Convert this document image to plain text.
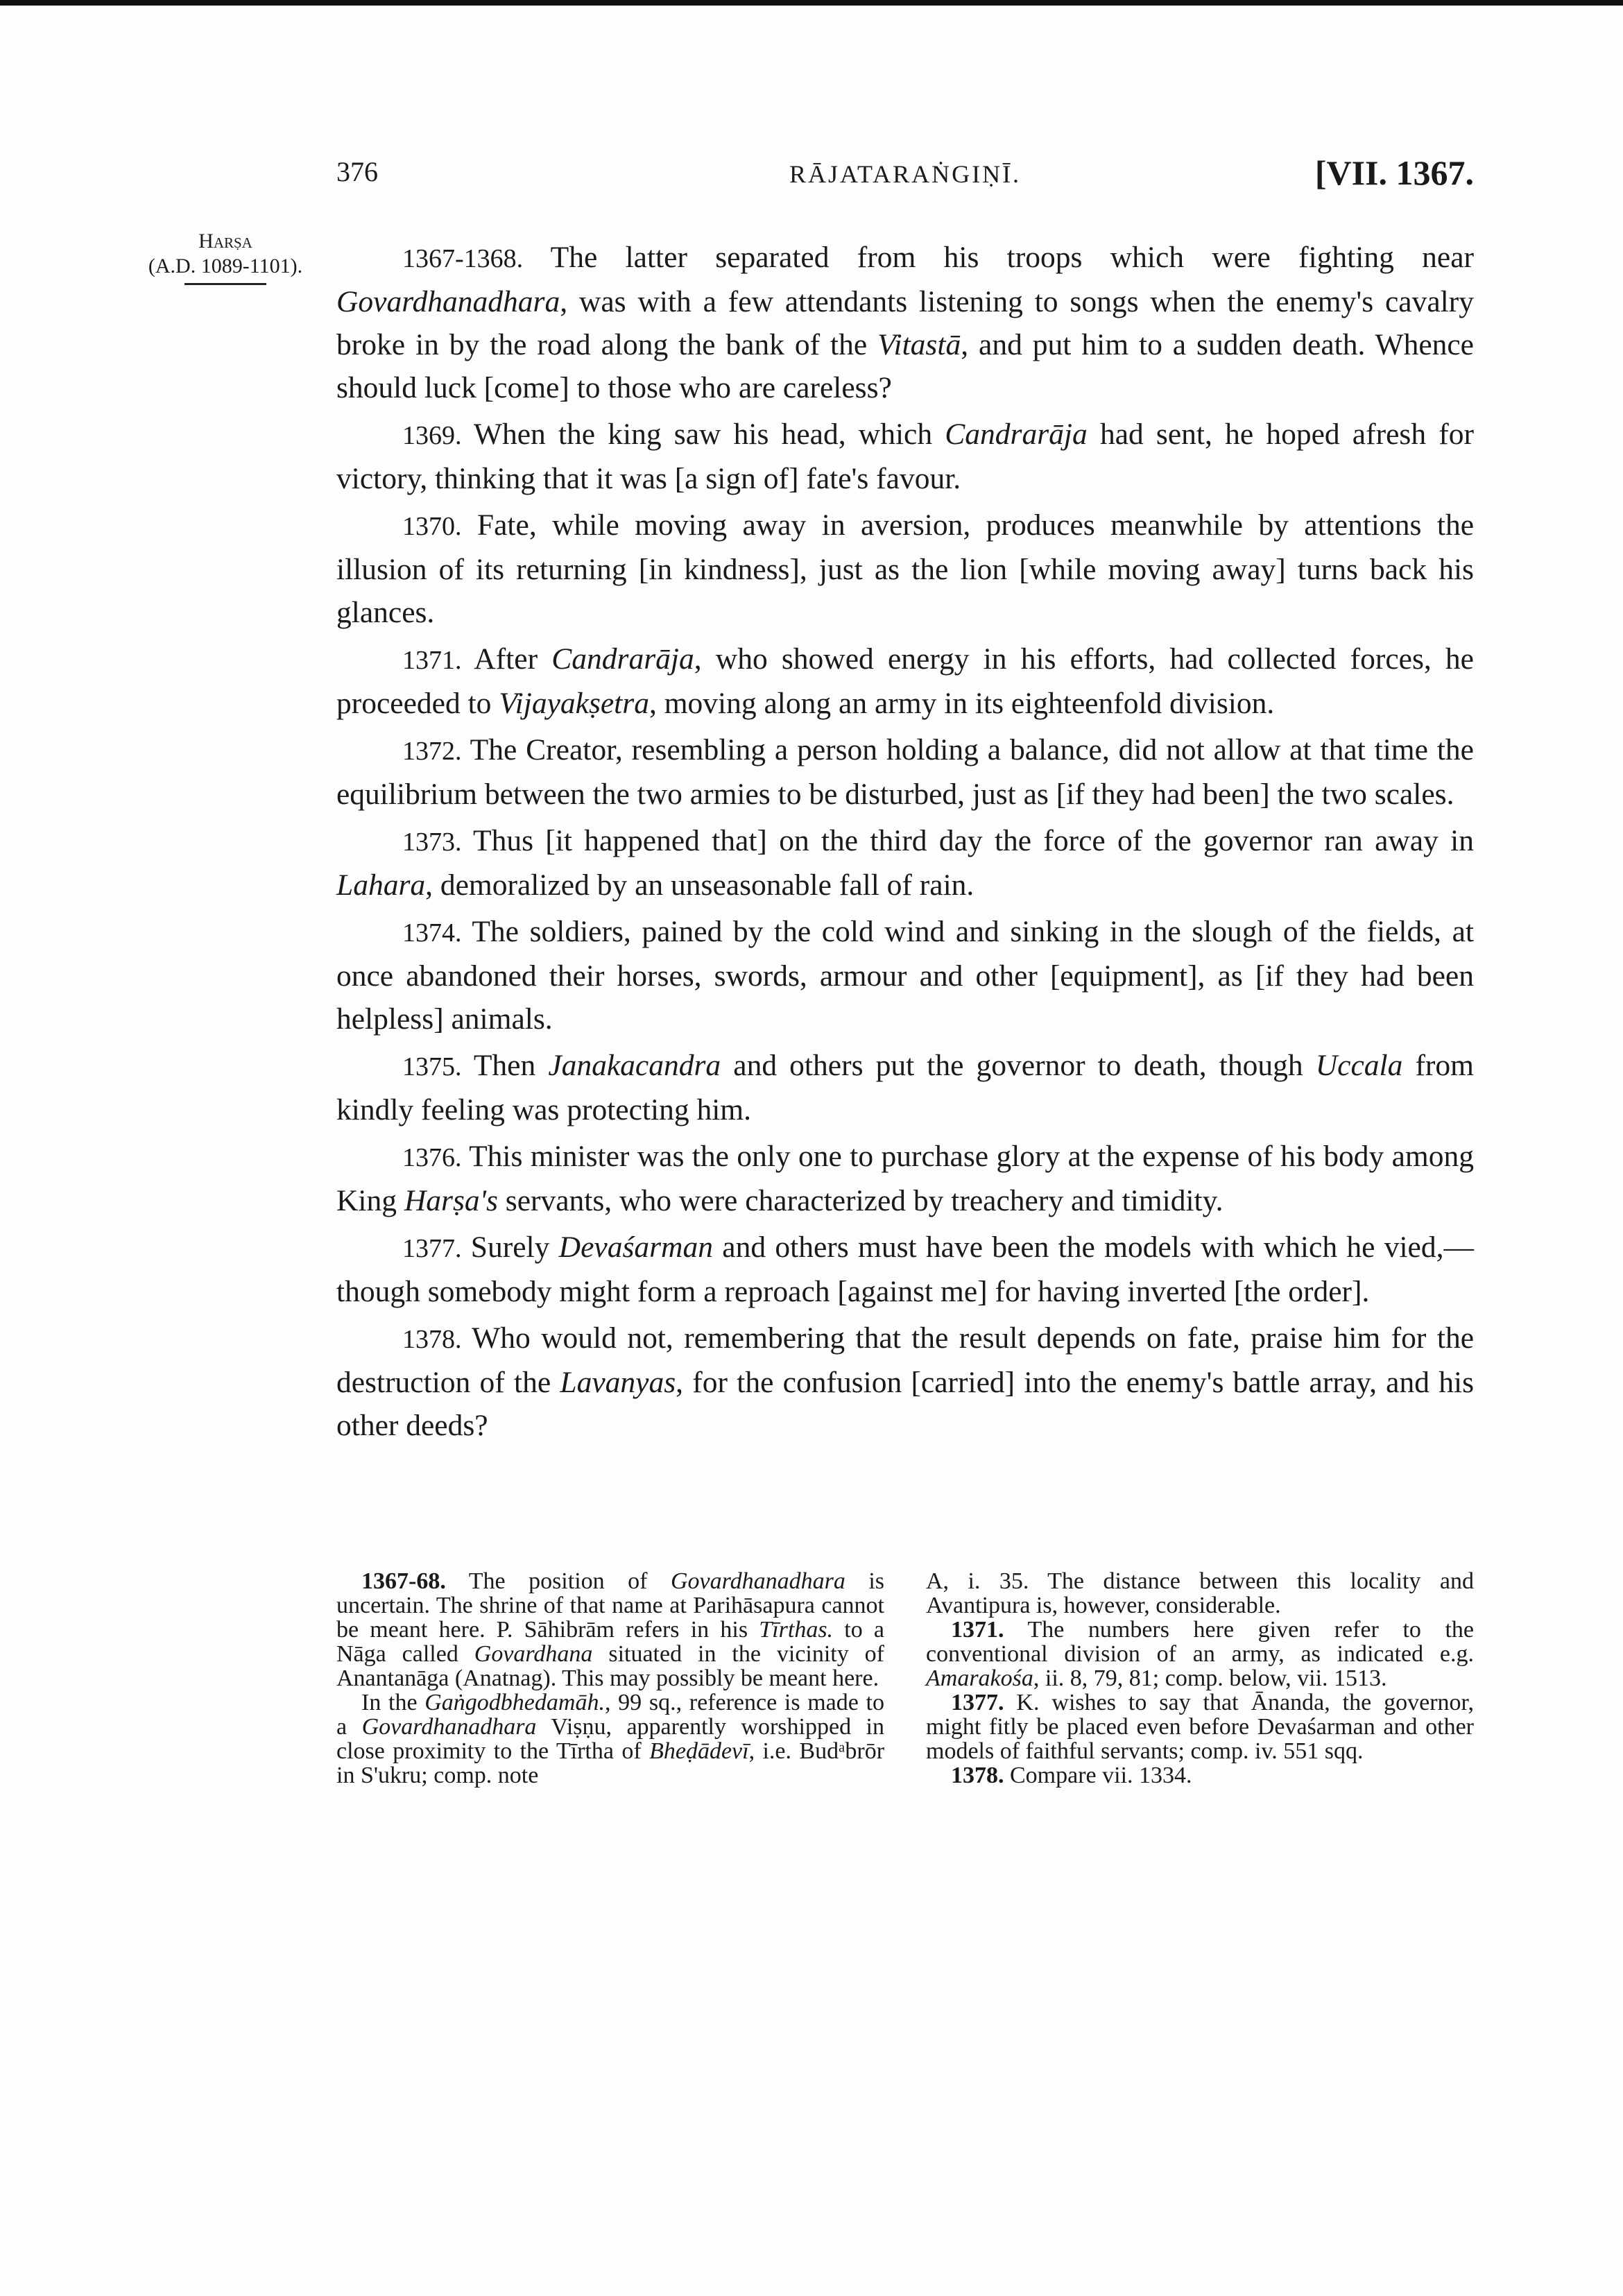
376	RĀJATARAṄGIṆĪ.	[VII. 1367.
Harṣa
(A.D. 1089-1101).	1367-1368. The latter separated from his troops which were fighting near Govardhanadhara, was with a few attendants listening to songs when the enemy's cavalry broke in by the road along the bank of the Vitastā, and put him to a sudden death. Whence should luck [come] to those who are careless?

1369. When the king saw his head, which Candrarāja had sent, he hoped afresh for victory, thinking that it was [a sign of] fate's favour.

1370. Fate, while moving away in aversion, produces meanwhile by attentions the illusion of its returning [in kindness], just as the lion [while moving away] turns back his glances.

1371. After Candrarāja, who showed energy in his efforts, had collected forces, he proceeded to Vijayakṣetra, moving along an army in its eighteenfold division.

1372. The Creator, resembling a person holding a balance, did not allow at that time the equilibrium between the two armies to be disturbed, just as [if they had been] the two scales.

1373. Thus [it happened that] on the third day the force of the governor ran away in Lahara, demoralized by an unseasonable fall of rain.

1374. The soldiers, pained by the cold wind and sinking in the slough of the fields, at once abandoned their horses, swords, armour and other [equipment], as [if they had been helpless] animals.

1375. Then Janakacandra and others put the governor to death, though Uccala from kindly feeling was protecting him.

1376. This minister was the only one to purchase glory at the expense of his body among King Harṣa's servants, who were characterized by treachery and timidity.

1377. Surely Devaśarman and others must have been the models with which he vied,—though somebody might form a reproach [against me] for having inverted [the order].

1378. Who would not, remembering that the result depends on fate, praise him for the destruction of the Lavanyas, for the confusion [carried] into the enemy's battle array, and his other deeds?

1367-68. The position of Govardhanadhara is uncertain. The shrine of that name at Parihāsapura cannot be meant here. P. Sāhibrām refers in his Tīrthas. to a Nāga called Govardhana situated in the vicinity of Anantanāga (Anatnag). This may possibly be meant here.

In the Gaṅgodbhedamāh., 99 sq., reference is made to a Govardhanadhara Viṣṇu, apparently worshipped in close proximity to the Tīrtha of Bheḍādevī, i.e. Budᵃbrōr in S'ukru; comp. note

A, i. 35. The distance between this locality and Avantipura is, however, considerable.

1371. The numbers here given refer to the conventional division of an army, as indicated e.g. Amarakośa, ii. 8, 79, 81; comp. below, vii. 1513.

1377. K. wishes to say that Ānanda, the governor, might fitly be placed even before Devaśarman and other models of faithful servants; comp. iv. 551 sqq.

1378. Compare vii. 1334.
